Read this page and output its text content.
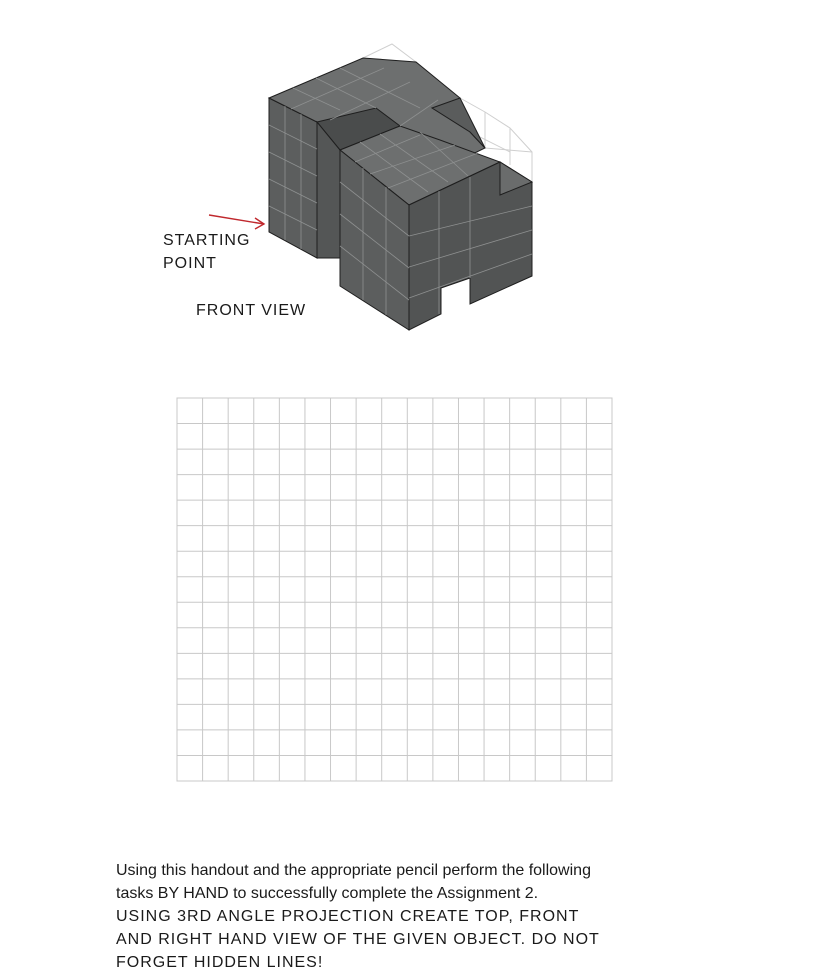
STARTING
POINT
FRONT VIEW
Using this handout and the appropriate pencil perform the following
tasks BY HAND to successfully complete the Assignment 2.
USING 3RD ANGLE PROJECTION CREATE TOP, FRONT
AND RIGHT HAND VIEW OF THE GIVEN OBJECT. DO NOT
FORGET HIDDEN LINES!
